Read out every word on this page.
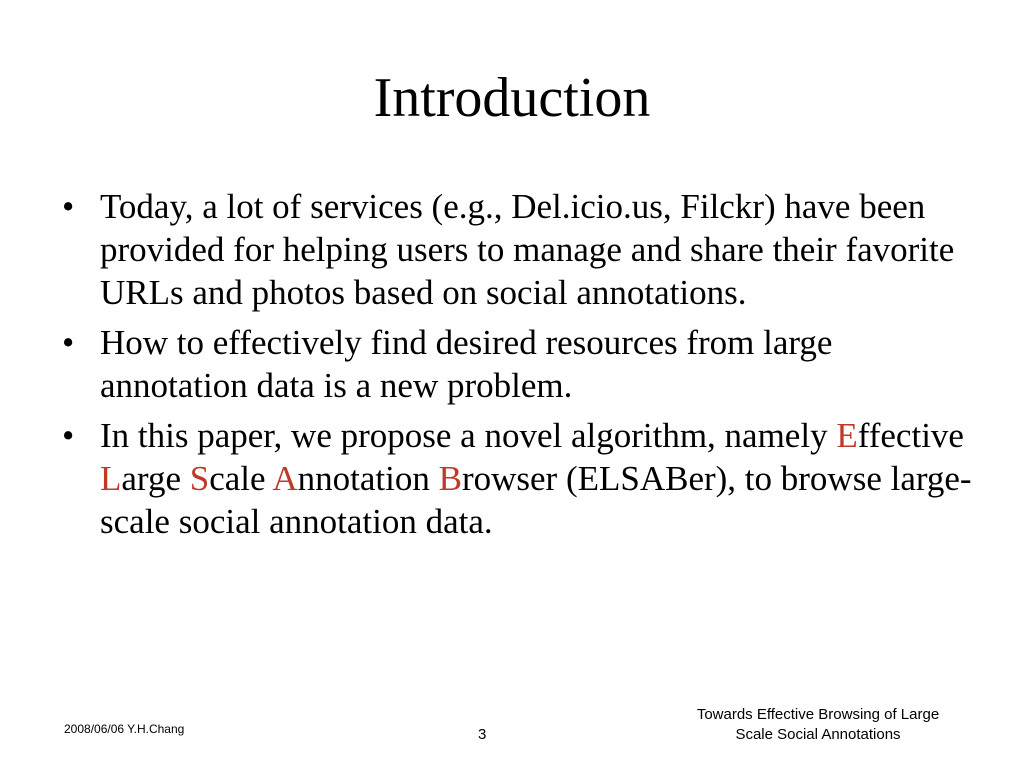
Introduction
• Today, a lot of services (e.g., Del.icio.us, Filckr) have been provided for helping users to manage and share their favorite URLs and photos based on social annotations.
• How to effectively find desired resources from large annotation data is a new problem.
• In this paper, we propose a novel algorithm, namely Effective Large Scale Annotation Browser (ELSABer), to browse large-scale social annotation data.
2008/06/06 Y.H.Chang	3
Towards Effective Browsing of Large
Scale Social Annotations
